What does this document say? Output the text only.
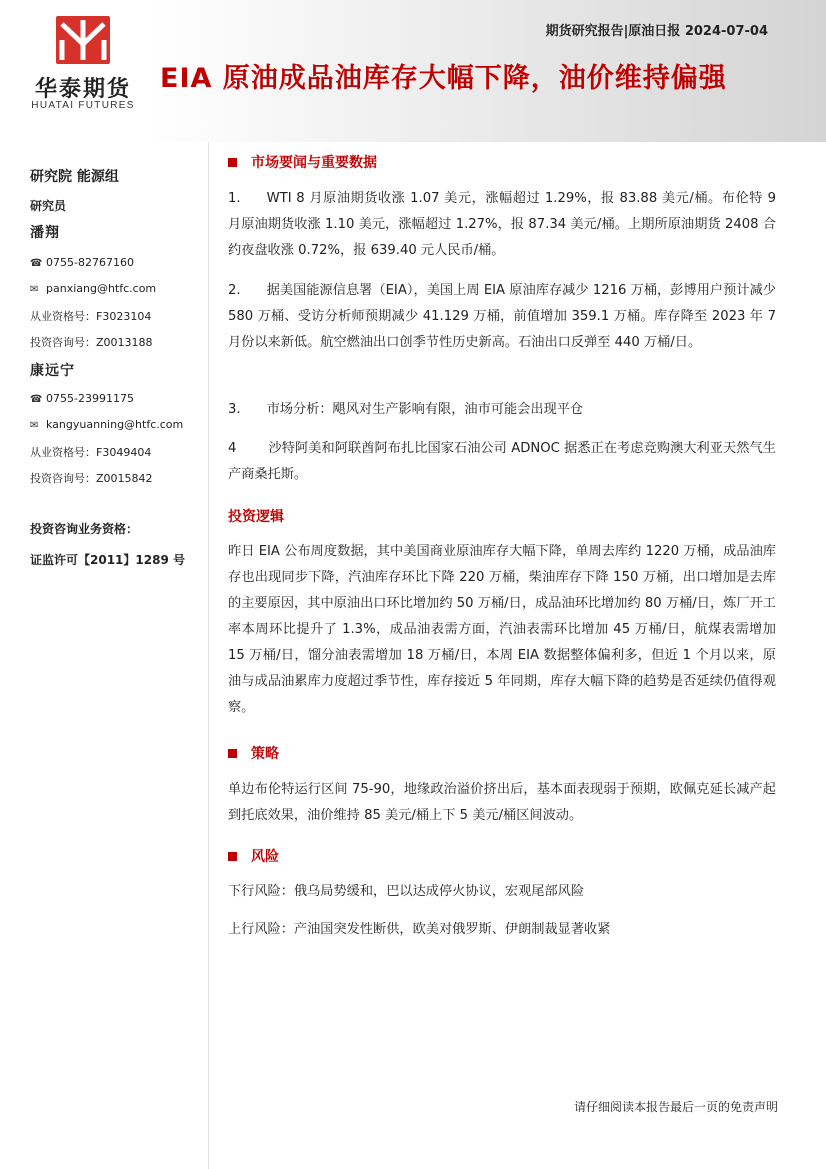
华泰期货
HUATAI FUTURES
期货研究报告|原油日报 2024-07-04
EIA 原油成品油库存大幅下降，油价维持偏强
研究院 能源组
研究员
潘翔
☎ 0755-82767160
✉ panxiang@htfc.com
从业资格号：F3023104
投资咨询号：Z0013188
康远宁
☎ 0755-23991175
✉ kangyuanning@htfc.com
从业资格号：F3049404
投资咨询号：Z0015842
投资咨询业务资格：
证监许可【2011】1289 号
市场要闻与重要数据
1. WTI 8 月原油期货收涨 1.07 美元，涨幅超过 1.29%，报 83.88 美元/桶。布伦特 9 月原油期货收涨 1.10 美元，涨幅超过 1.27%，报 87.34 美元/桶。上期所原油期货 2408 合约夜盘收涨 0.72%，报 639.40 元人民币/桶。
2. 据美国能源信息署（EIA），美国上周 EIA 原油库存减少 1216 万桶，彭博用户预计减少 580 万桶、受访分析师预期减少 41.129 万桶，前值增加 359.1 万桶。库存降至 2023 年 7 月份以来新低。航空燃油出口创季节性历史新高。石油出口反弹至 440 万桶/日。
3. 市场分析：飓风对生产影响有限，油市可能会出现平仓
4 沙特阿美和阿联酋阿布扎比国家石油公司 ADNOC 据悉正在考虑竞购澳大利亚天然气生产商桑托斯。
投资逻辑
昨日 EIA 公布周度数据，其中美国商业原油库存大幅下降，单周去库约 1220 万桶，成品油库存也出现同步下降，汽油库存环比下降 220 万桶，柴油库存下降 150 万桶，出口增加是去库的主要原因，其中原油出口环比增加约 50 万桶/日，成品油环比增加约 80 万桶/日，炼厂开工率本周环比提升了 1.3%，成品油表需方面，汽油表需环比增加 45 万桶/日，航煤表需增加 15 万桶/日，馏分油表需增加 18 万桶/日，本周 EIA 数据整体偏利多，但近 1 个月以来，原油与成品油累库力度超过季节性，库存接近 5 年同期，库存大幅下降的趋势是否延续仍值得观察。
策略
单边布伦特运行区间 75-90，地缘政治溢价挤出后，基本面表现弱于预期，欧佩克延长减产起到托底效果，油价维持 85 美元/桶上下 5 美元/桶区间波动。
风险
下行风险：俄乌局势缓和，巴以达成停火协议，宏观尾部风险
上行风险：产油国突发性断供，欧美对俄罗斯、伊朗制裁显著收紧
请仔细阅读本报告最后一页的免责声明
